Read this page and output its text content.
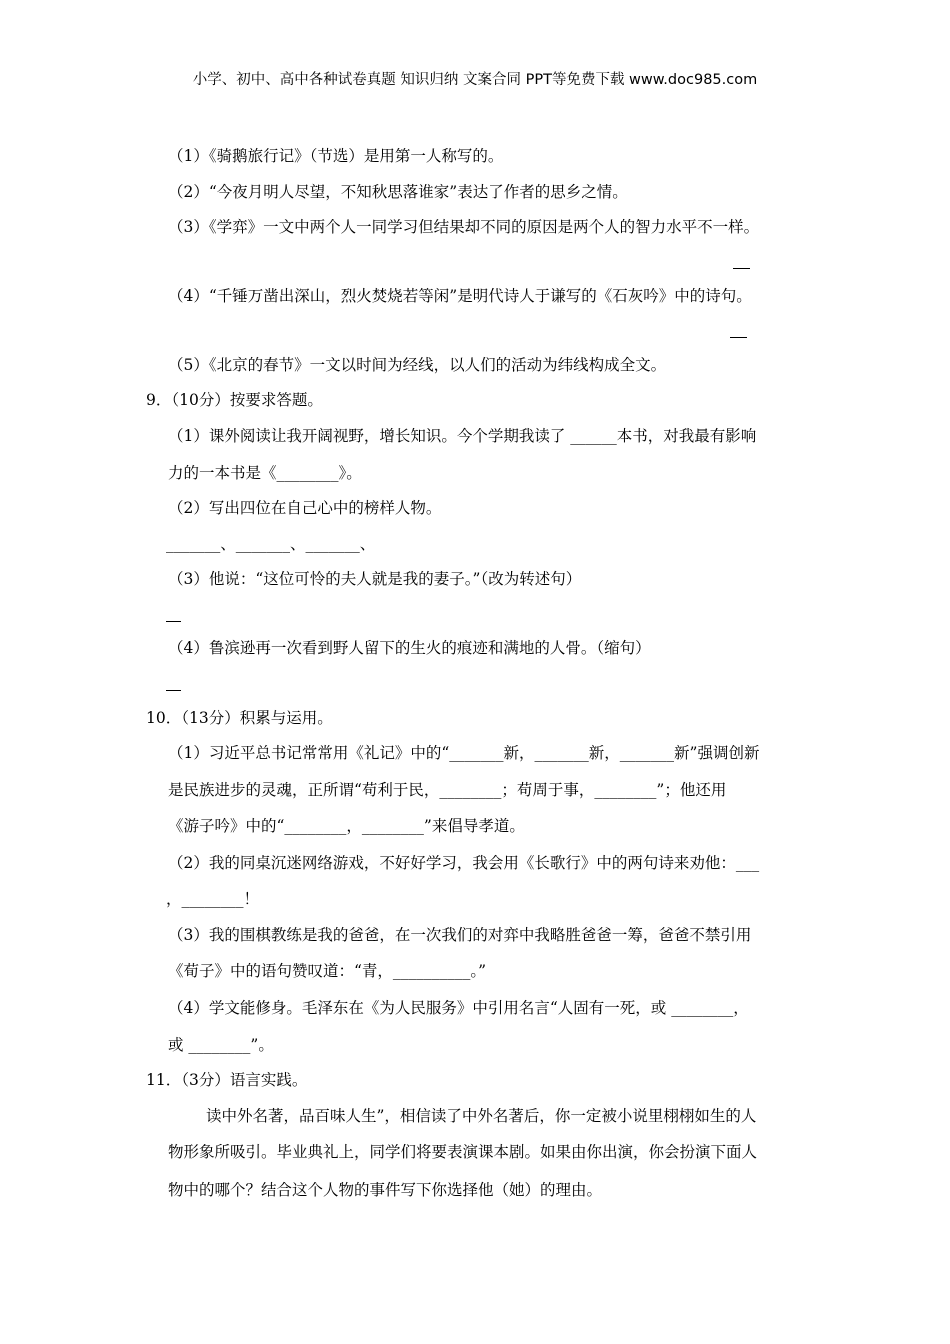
小学、初中、高中各种试卷真题 知识归纳 文案合同 PPT等免费下载 www.doc985.com
（1）《骑鹅旅行记》（节选）是用第一人称写的。
（2）“今夜月明人尽望，不知秋思落谁家”表达了作者的思乡之情。
（3）《学弈》一文中两个人一同学习但结果却不同的原因是两个人的智力水平不一样。
（4）“千锤万凿出深山，烈火焚烧若等闲”是明代诗人于谦写的《石灰吟》中的诗句。
（5）《北京的春节》一文以时间为经线，以人们的活动为纬线构成全文。
9．（10分）按要求答题。
（1）课外阅读让我开阔视野，增长知识。今个学期我读了 ______本书，对我最有影响
力的一本书是《________》。
（2）写出四位在自己心中的榜样人物。
_______、_______、_______、
（3）他说：“这位可怜的夫人就是我的妻子。”（改为转述句）
（4）鲁滨逊再一次看到野人留下的生火的痕迹和满地的人骨。（缩句）
10．（13分）积累与运用。
（1）习近平总书记常常用《礼记》中的“_______新，_______新，_______新”强调创新
是民族进步的灵魂，正所谓“苟利于民，________；苟周于事，________”；他还用
《游子吟》中的“________，________”来倡导孝道。
（2）我的同桌沉迷网络游戏，不好好学习，我会用《长歌行》中的两句诗来劝他：___
，________！
（3）我的围棋教练是我的爸爸，在一次我们的对弈中我略胜爸爸一筹，爸爸不禁引用
《荀子》中的语句赞叹道：“青，__________。”
（4）学文能修身。毛泽东在《为人民服务》中引用名言“人固有一死，或 ________，
或 ________”。
11．（3分）语言实践。
读中外名著，品百味人生”，相信读了中外名著后，你一定被小说里栩栩如生的人
物形象所吸引。毕业典礼上，同学们将要表演课本剧。如果由你出演，你会扮演下面人
物中的哪个？结合这个人物的事件写下你选择他（她）的理由。
